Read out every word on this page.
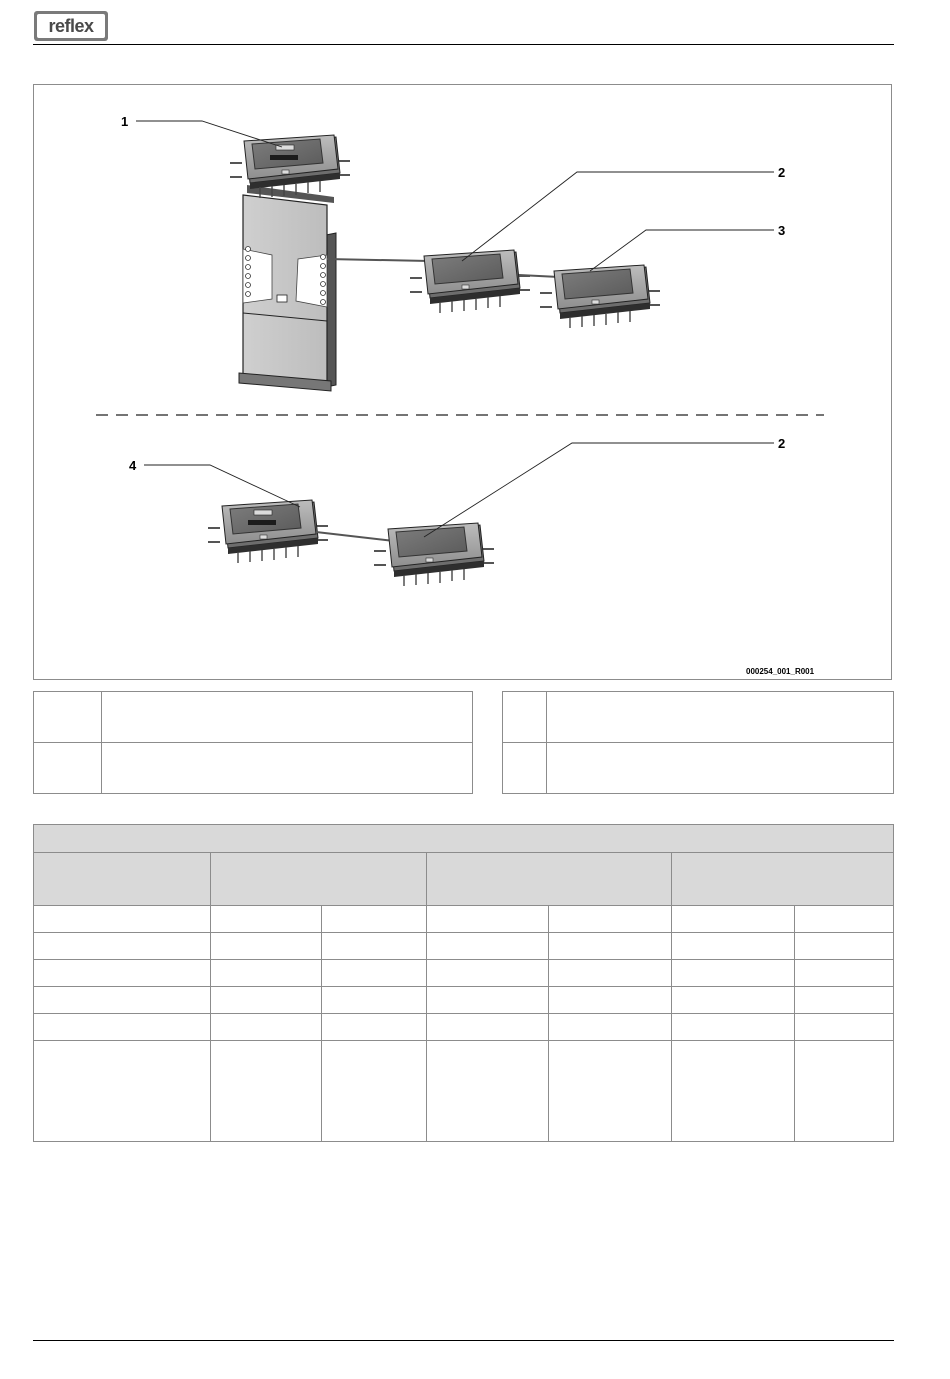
reflex
1
2
3
2
4
000254_001_R001
